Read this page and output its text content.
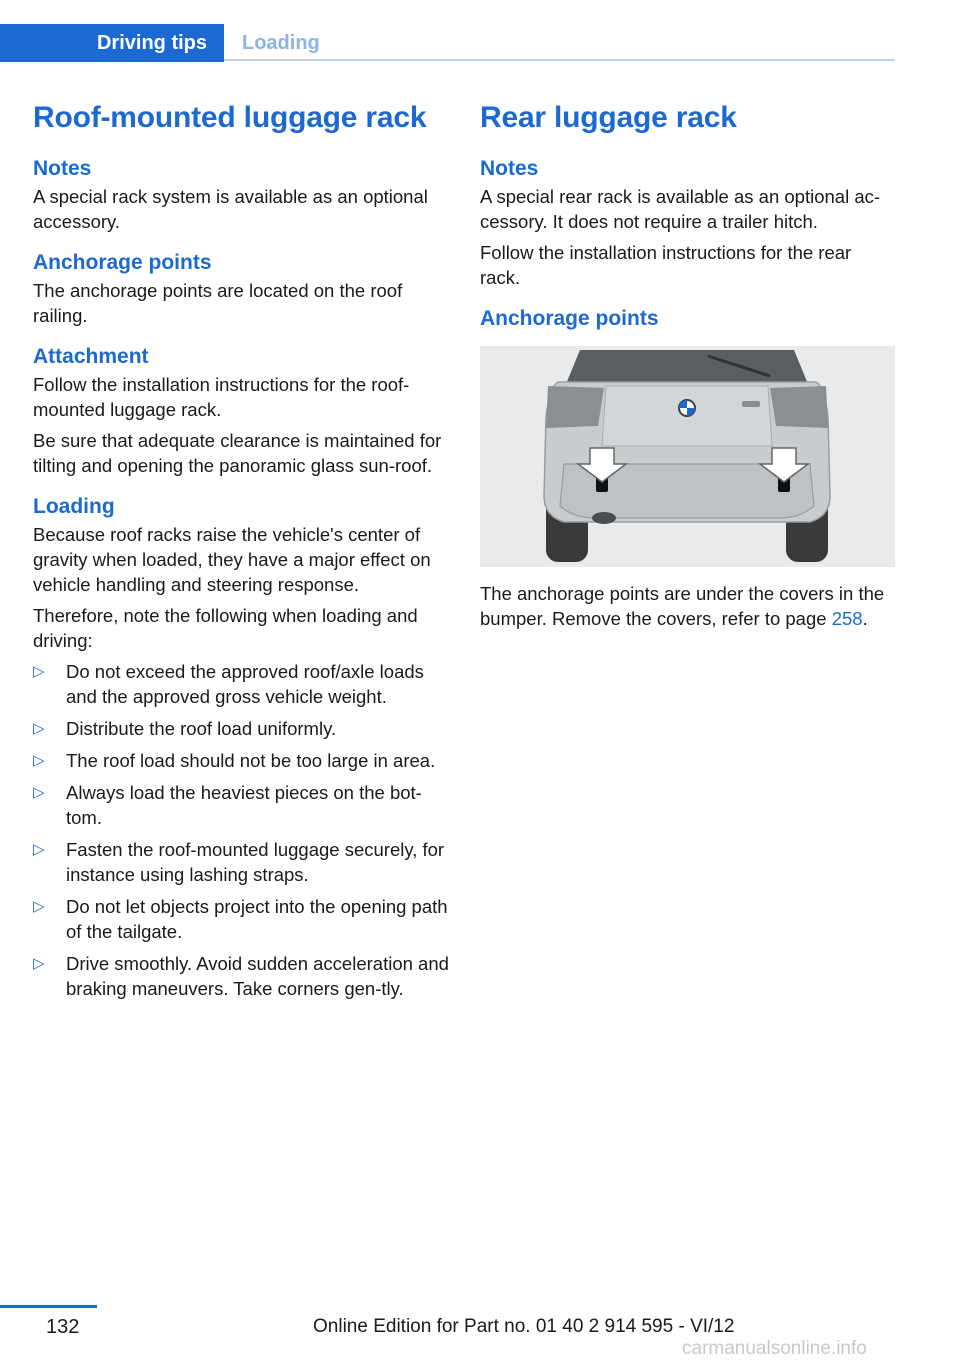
Driving tips	Loading
Roof-mounted luggage rack
Notes

A special rack system is available as an optional accessory.

Anchorage points

The anchorage points are located on the roof railing.

Attachment

Follow the installation instructions for the roof-mounted luggage rack.

Be sure that adequate clearance is maintained for tilting and opening the panoramic glass sun-roof.

Loading

Because roof racks raise the vehicle's center of gravity when loaded, they have a major effect on vehicle handling and steering response.

Therefore, note the following when loading and driving:

▷ Do not exceed the approved roof/axle loads and the approved gross vehicle weight.
▷ Distribute the roof load uniformly.
▷ The roof load should not be too large in area.
▷ Always load the heaviest pieces on the bot-tom.
▷ Fasten the roof-mounted luggage securely, for instance using lashing straps.
▷ Do not let objects project into the opening path of the tailgate.
▷ Drive smoothly. Avoid sudden acceleration and braking maneuvers. Take corners gen-tly.
Rear luggage rack
Notes

A special rear rack is available as an optional ac-cessory. It does not require a trailer hitch.

Follow the installation instructions for the rear rack.

Anchorage points

The anchorage points are under the covers in the bumper. Remove the covers, refer to page 258.

132	Online Edition for Part no. 01 40 2 914 595 - VI/12
carmanualsonline.info
